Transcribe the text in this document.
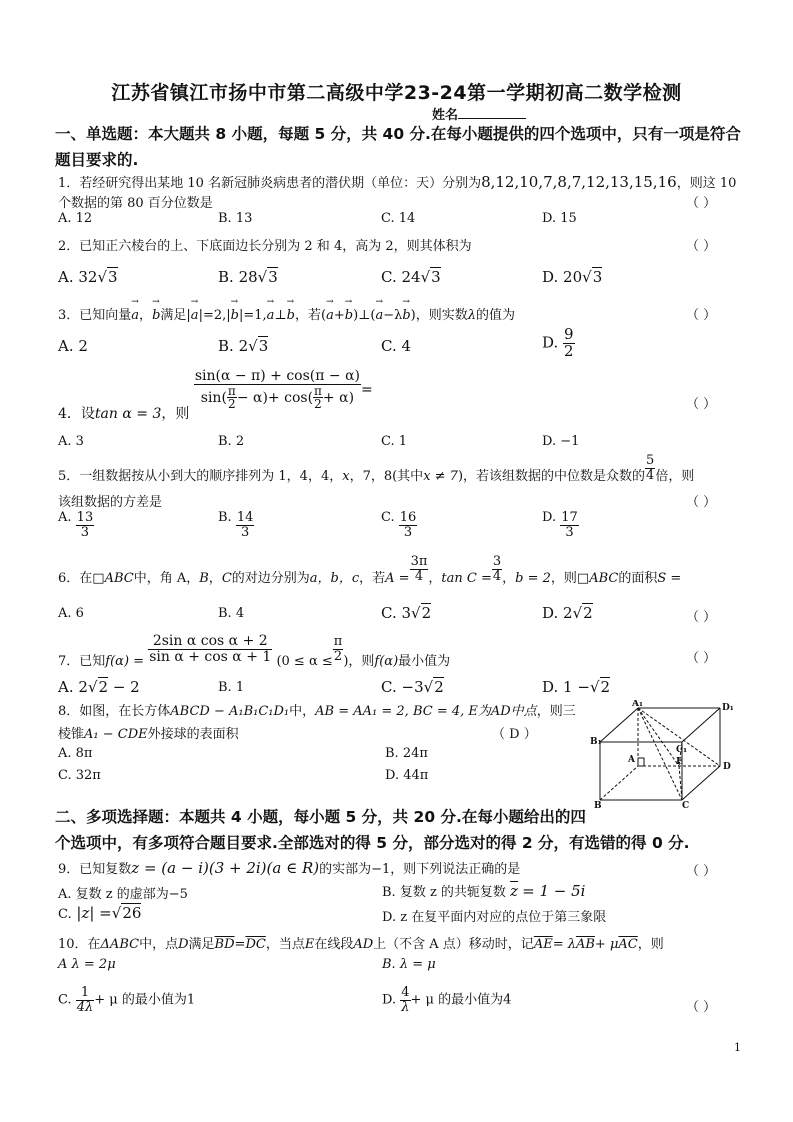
江苏省镇江市扬中市第二高级中学23-24第一学期初高二数学检测
姓名
一、单选题：本大题共 8 小题，每题 5 分，共 40 分.在每小题提供的四个选项中，只有一项是符合
题目要求的.
1．若经研究得出某地 10 名新冠肺炎病患者的潜伏期（单位：天）分别为8,12,10,7,8,7,12,13,15,16，则这 10
个数据的第 80 百分位数是	（ ）
A. 12	B. 13	C. 14	D. 15
2．已知正六棱台的上、下底面边长分别为 2 和 4，高为 2，则其体积为	（ ）
A. 32√3	B. 28√3	C. 24√3	D. 20√3
3．已知向量→ a，→ b满足|→ a|=2,|→ b|=1,→ a⊥→ b，若(→ a+→ b)⊥(→ a−λ→ b)，则实数λ的值为	（ ）
A. 2	B. 2√3	C. 4	D. $\frac{9}{2}$
4．设tan α = 3，则
$\frac{\sin(\alpha - \pi) + \cos(\pi - \alpha)}{\sin( \frac{\pi}{2} - \alpha)+ \cos( \frac{\pi}{2} + \alpha)}$ =
（ ）
A. 3	B. 2	C. 1	D. −1
5．一组数据按从小到大的顺序排列为 1，4，4，x，7，8(其中x ≠ 7)，若该组数据的中位数是众数的 $\frac{5}{4}$ 倍，则
该组数据的方差是	（ ）
A. $\frac{13}{3}$	B. $\frac{14}{3}$	C. $\frac{16}{3}$	D. $\frac{17}{3}$
6．在□ABC中，角 A，B，C的对边分别为a，b，c，若$A = \frac{3\pi}{4}$ ，$\tan C = \frac{3}{4}$ ，b = 2，则□ABC的面积S =
A. 6	B. 4	C. 3√2	D. 2√2	（ ）
7．已知$f(\alpha) = \frac{\text{2sin α cos α + 2}}{\text{sin α + cos α + 1}} (0 \le \alpha \le \frac{\pi}{2}$ )，则f(α)最小值为	（ ）
A. 2√2 − 2	B. 1	C. −3√2	D. 1 −√2
8．如图，在长方体ABCD − A₁B₁C₁D₁中，AB = AA₁ = 2, BC = 4, E为AD中点，则三
棱锥A₁ − CDE外接球的表面积	（ D ）
A. 8π	B. 24π
C. 32π	D. 44π
A₁	D₁
B₁
C₁
A	E	D
B	C
二、多项选择题：本题共 4 小题，每小题 5 分，共 20 分.在每小题给出的四
个选项中，有多项符合题目要求.全部选对的得 5 分，部分选对的得 2 分，有选错的得 0 分.
9．已知复数z = (a − i)(3 + 2i)(a ∈ R)的实部为−1，则下列说法正确的是	（ ）
A. 复数 z 的虚部为−5	B. 复数 z 的共轭复数 $\overline{z} = 1 - 5i$
C. |z| =√26	D. z 在复平面内对应的点位于第三象限
10．在ΔABC中，点D满足$\overline{BD}=\overline{DC}$，当点E在线段AD上（不含 A 点）移动时，记$\overline{AE}= \lambda\overline{AB}+ \mu\overline{AC}$，则
A λ = 2μ	B. λ = μ
C. $\frac{1}{4\lambda} + \mu$ 的最小值为1	D. $\frac{4}{\lambda} + \mu$ 的最小值为4	（ ）
1
